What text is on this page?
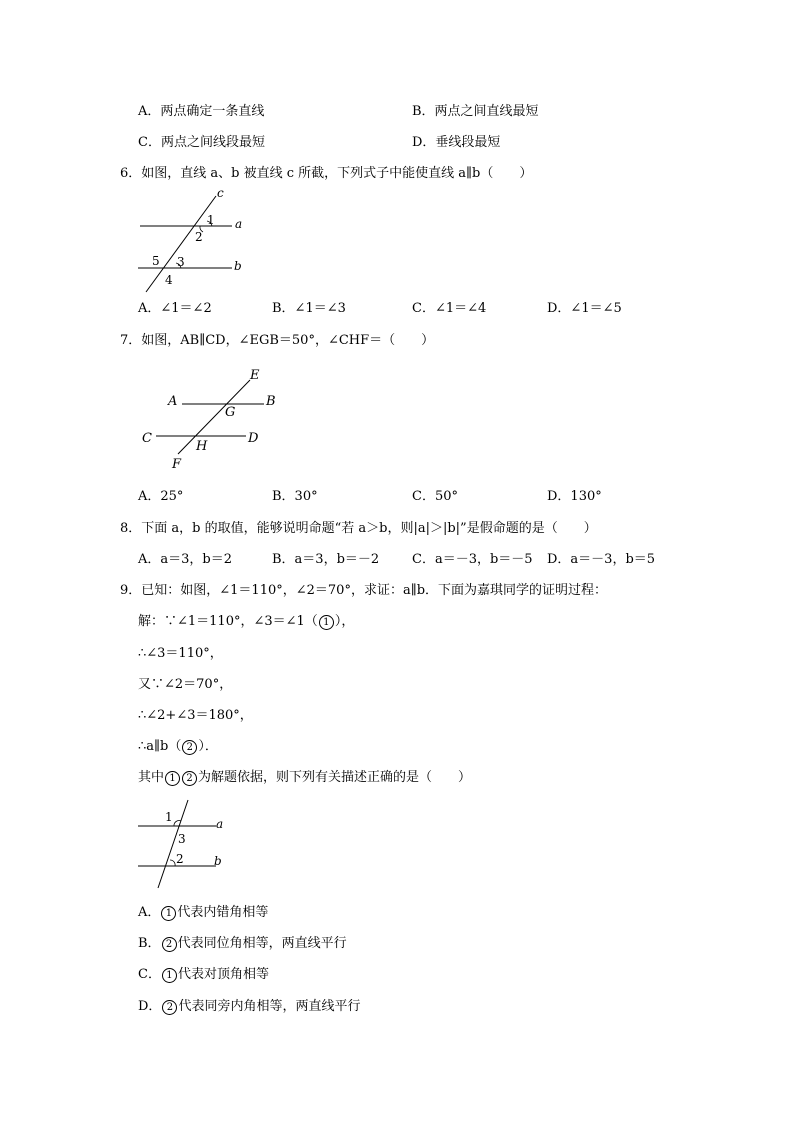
A．两点确定一条直线	B．两点之间直线最短
C．两点之间线段最短	D．垂线段最短
6．如图，直线 a、b 被直线 c 所截，下列式子中能使直线 a∥b（　　）
c
a
b
1
2
3
4
5
A．∠1＝∠2	B．∠1＝∠3	C．∠1＝∠4	D．∠1＝∠5
7．如图，AB∥CD，∠EGB＝50°，∠CHF＝（　　）
E
A	B
G
C	D
H
F
A．25°	B．30°	C．50°	D．130°
8．下面 a，b 的取值，能够说明命题“若 a＞b，则|a|＞|b|”是假命题的是（　　）
A．a＝3，b＝2	B．a＝3，b＝－2	C．a＝－3，b＝－5 D．a＝－3，b＝5
9．已知：如图，∠1＝110°，∠2＝70°，求证：a∥b．下面为嘉琪同学的证明过程：
解：∵∠1＝110°，∠3＝∠1（ 1 ），
∴∠3＝110°，
又∵∠2＝70°，
∴∠2+∠3＝180°，
∴a∥b（ 2 ）．
其中 1 2 为解题依据，则下列有关描述正确的是（　　）
1
3
2
a
b
A． 1 代表内错角相等
B． 2 代表同位角相等，两直线平行
C． 1 代表对顶角相等
D． 2 代表同旁内角相等，两直线平行
